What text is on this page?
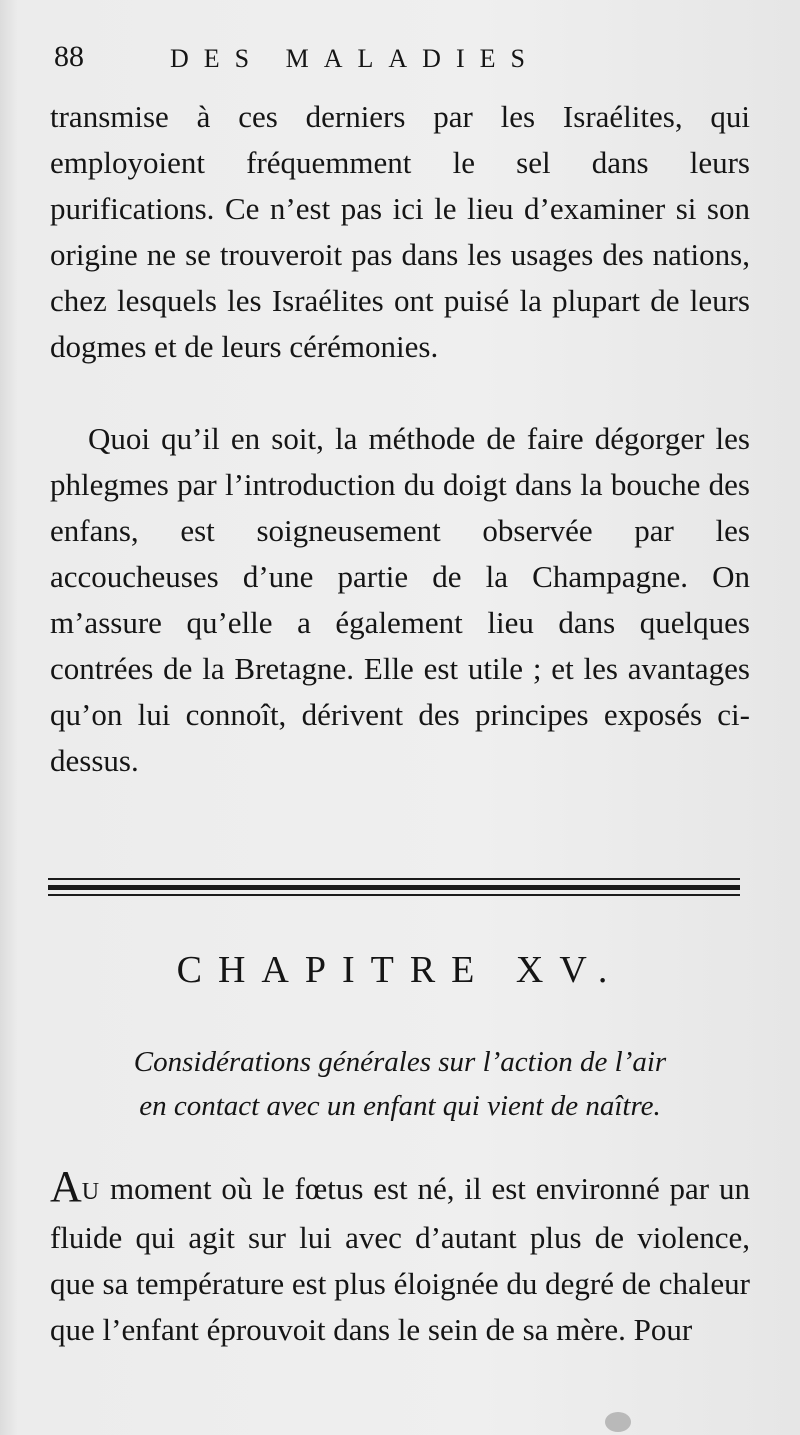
88	DES MALADIES
transmise à ces derniers par les Israélites, qui employoient fréquemment le sel dans leurs purifications. Ce n’est pas ici le lieu d’examiner si son origine ne se trouveroit pas dans les usages des nations, chez lesquels les Israélites ont puisé la plupart de leurs dogmes et de leurs cérémonies.
Quoi qu’il en soit, la méthode de faire dégorger les phlegmes par l’introduction du doigt dans la bouche des enfans, est soigneusement observée par les accoucheuses d’une partie de la Champagne. On m’assure qu’elle a également lieu dans quelques contrées de la Bretagne. Elle est utile ; et les avantages qu’on lui connoît, dérivent des principes exposés ci-dessus.
CHAPITRE XV.
Considérations générales sur l’action de l’air
en contact avec un enfant qui vient de naître.
AU moment où le fœtus est né, il est environné par un fluide qui agit sur lui avec d’autant plus de violence, que sa température est plus éloignée du degré de chaleur que l’enfant éprouvoit dans le sein de sa mère. Pour
